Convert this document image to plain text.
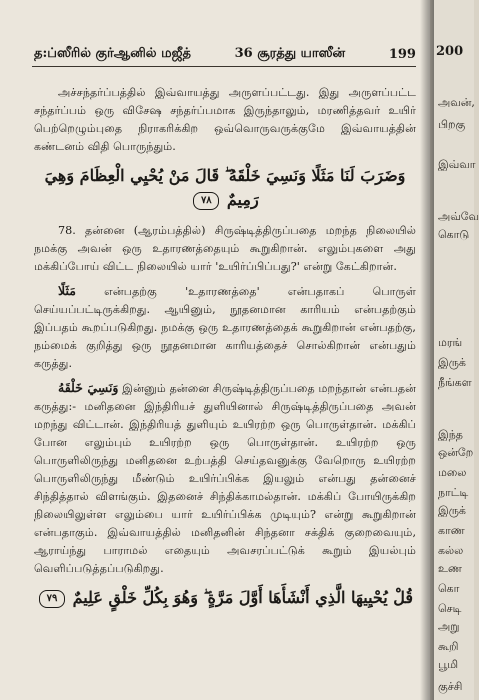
த:ப்ஸீரில் குர்ஆனில் மஜீத்	36 சூரத்து யாஸீன்	199

அச்சந்தர்ப்பத்தில் இவ்வாயத்து அருளப்பட்டது. இது அருளப்பட்ட சந்தர்ப்பம் ஒரு விசேஷ சந்தர்ப்பமாக இருந்தாலும், மரணித்தவர் உயிர் பெற்றெழும்புதை நிராகரிக்கிற ஒவ்வொருவருக்குமே இவ்வாயத்தின் கண்டனம் விதி பொருந்தும்.

وَضَرَبَ لَنَا مَثَلًا وَنَسِيَ خَلْقَهُ ۖ قَالَ مَنْ يُحْيِي الْعِظَامَ وَهِيَ
رَمِيمٌ ٧٨

78. தன்னை (ஆரம்பத்தில்) சிருஷ்டித்திருப்பதை மறந்த நிலையில் நமக்கு அவன் ஒரு உதாரணத்தையும் கூறுகிறான். எலும்புகளை அது மக்கிப்போய் விட்ட நிலையில் யார் 'உயிர்ப்பிப்பது?' என்று கேட்கிறான்.

مَثَلًا	என்பதற்கு 'உதாரணத்தை' என்பதாகப் பொருள் செய்யப்பட்டிருக்கிறது. ஆயினும், நூதனமான காரியம் என்பதற்கும் இப்பதம் கூறப்படுகிறது. நமக்கு ஒரு உதாரணத்தைக் கூறுகிறான் என்பதற்கு, நம்மைக் குறித்து ஒரு நூதனமான காரியத்தைச் சொல்கிறான் என்பதும் கருத்து.

وَنَسِيَ خَلْقَهُ இன்னும் தன்னை சிருஷ்டித்திருப்பதை மறந்தான் என்பதன் கருத்து:- மனிதனை இந்திரியச் துளியினால் சிருஷ்டித்திருப்பதை அவன் மறந்து விட்டான். இந்திரியத் துளியும் உயிரற்ற ஒரு பொருள்தான். மக்கிப் போன எலும்பும் உயிரற்ற ஒரு பொருள்தான். உயிரற்ற ஒரு பொருளிலிருந்து மனிதனை உற்பத்தி செய்தவனுக்கு வேறொரு உயிரற்ற பொருளிலிருந்து மீண்டும் உயிர்ப்பிக்க இயலும் என்பது தன்னைச் சிந்தித்தால் விளங்கும். இதனைச் சிந்திக்காமல்தான். மக்கிப் போயிருக்கிற நிலையிலுள்ள எலும்பை யார் உயிர்ப்பிக்க முடியும்? என்று கூறுகிறான் என்பதாகும். இவ்வாயத்தில் மனிதனின் சிந்தனா சக்திக் குறைவையும், ஆராய்ந்து பாராமல் எதையும் அவசரப்பட்டுக் கூறும் இயல்பும் வெளிப்படுத்தப்படுகிறது.

قُلْ يُحْيِيهَا الَّذِي أَنْشَأَهَا أَوَّلَ مَرَّةٍ ۖ وَهُوَ بِكُلِّ خَلْقٍ عَلِيمٌ ٧٩
200
அவன்,
பிறகு
இவ்வா
அவ்வே
கொடு
மரங்
இருக்
நீங்கள
இந்த
ஒன்றே
மலை
நாட்டி
இருக்
காண
கல்ல
உண
கொ
செடி
அறு
கூறி
பூமி
குச்சி
